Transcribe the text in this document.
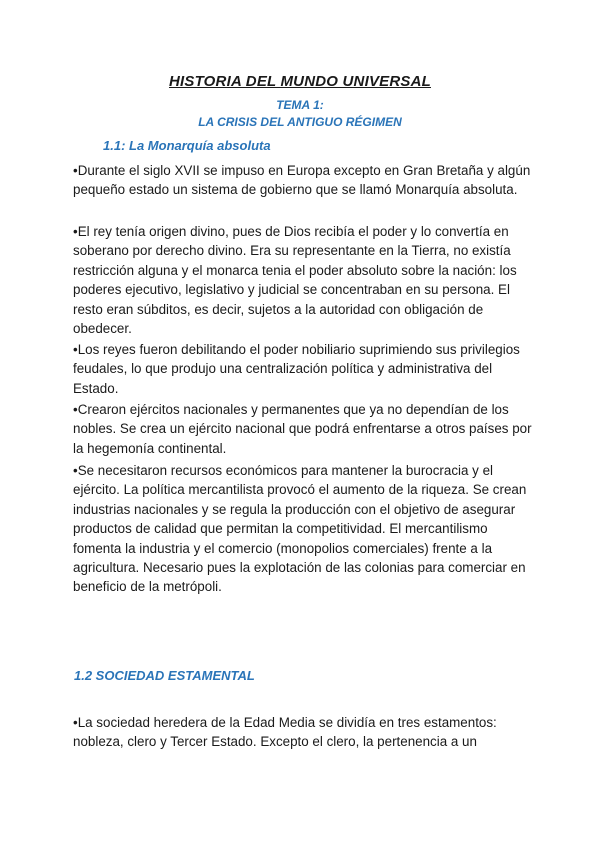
HISTORIA DEL MUNDO UNIVERSAL
TEMA 1:
LA CRISIS DEL ANTIGUO RÉGIMEN
1.1: La Monarquía absoluta

•Durante el siglo XVII se impuso en Europa excepto en Gran Bretaña y algún pequeño estado un sistema de gobierno que se llamó Monarquía absoluta.

•El rey tenía origen divino, pues de Dios recibía el poder y lo convertía en soberano por derecho divino. Era su representante en la Tierra, no existía restricción alguna y el monarca tenia el poder absoluto sobre la nación: los poderes ejecutivo, legislativo y judicial se concentraban en su persona. El resto eran súbditos, es decir, sujetos a la autoridad con obligación de obedecer.

•Los reyes fueron debilitando el poder nobiliario suprimiendo sus privilegios feudales, lo que produjo una centralización política y administrativa del Estado.

•Crearon ejércitos nacionales y permanentes que ya no dependían de los nobles. Se crea un ejército nacional que podrá enfrentarse a otros países por la hegemonía continental.

•Se necesitaron recursos económicos para mantener la burocracia y el ejército. La política mercantilista provocó el aumento de la riqueza. Se crean industrias nacionales y se regula la producción con el objetivo de asegurar productos de calidad que permitan la competitividad. El mercantilismo fomenta la industria y el comercio (monopolios comerciales) frente a la agricultura. Necesario pues la explotación de las colonias para comerciar en beneficio de la metrópoli.

1.2 SOCIEDAD ESTAMENTAL

•La sociedad heredera de la Edad Media se dividía en tres estamentos: nobleza, clero y Tercer Estado. Excepto el clero, la pertenencia a un
